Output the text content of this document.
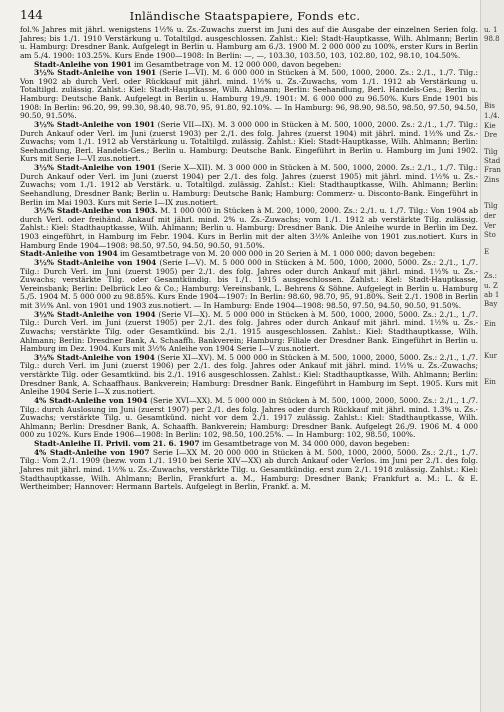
144	Inländische Staatspapiere, Fonds etc.

fol.% Jahres mit jährl. wenigstens 1½% u. Zs.-Zuwachs zuerst im Juni des auf die Ausgabe der einzelnen Serien folg. Jahres; bis 1./1. 1910 Verstärkung u. Totaltilgd. ausgeschlossen. Zahlst.: Kiel: Stadt-Hauptkasse, Wilh. Ahlmann; Berlin u. Hamburg: Dresdner Bank. Aufgelegt in Berlin u. Hamburg am 6./3. 1900 M. 2 000 000 zu 100%, erster Kurs in Berlin am 5./4. 1900: 103.25%. Kurs Ende 1900—1908: In Berlin: —, —, 103.30, 103.50, 103, 102.80, 102, 98.10, 104.50%.

Stadt-Anleihe von 1901 im Gesamtbetrage von M. 12 000 000, davon begeben:

3½% Stadt-Anleihe von 1901 (Serie I—VI). M. 6 000 000 in Stücken à M. 500, 1000, 2000. Zs.: 2./1., 1./7. Tilg.: Von 1902 ab durch Verl. oder Rückkauf mit jährl. mind. 1½% u. Zs.-Zuwachs, vom 1./1. 1912 ab Verstärkung u. Totaltilgd. zulässig. Zahlst.: Kiel: Stadt-Hauptkasse, Wilh. Ahlmann; Berlin: Seehandlung, Berl. Handels-Ges.; Berlin u. Hamburg: Deutsche Bank. Aufgelegt in Berlin u. Hamburg 19./9. 1901: M. 6 000 000 zu 96.50%. Kurs Ende 1901 bis 1908: In Berlin: 96.20, 99, 99.30, 98.40, 98.70, 95, 91.80, 92.10%. — In Hamburg: 96, 98.90, 98.50, 98.50, 97.50, 94.50, 90.50, 91.50%.

3½% Stadt-Anleihe von 1901 (Serie VII—IX). M. 3 000 000 in Stücken à M. 500, 1000, 2000. Zs.: 2./1., 1./7. Tilg.: Durch Ankauf oder Verl. im Juni (zuerst 1903) per 2./1. des folg. Jahres (zuerst 1904) mit jährl. mind. 1½% und Zs.-Zuwachs; vom 1./1. 1912 ab Verstärkung u. Totaltilgd. zulässig. Zahlst.: Kiel: Stadt-Hauptkasse, Wilh. Ahlmann; Berlin: Seehandlung, Berl. Handels-Ges.; Berlin u. Hamburg: Deutsche Bank. Eingeführt in Berlin u. Hamburg im Juni 1902. Kurs mit Serie I—VI zus.notiert.

3½% Stadt-Anleihe von 1901 (Serie X—XII). M. 3 000 000 in Stücken à M. 500, 1000, 2000. Zs.: 2./1., 1./7. Tilg.: Durch Ankauf oder Verl. im Juni (zuerst 1904) per 2./1. des folg. Jahres (zuerst 1905) mit jährl. mind. 1½% u. Zs.-Zuwachs; vom 1./1. 1912 ab Verstärk. u. Totaltilgd. zulässig. Zahlst.: Kiel: Stadthauptkasse, Wilh. Ahlmann; Berlin: Seehandlung, Dresdner Bank; Berlin u. Hamburg: Deutsche Bank; Hamburg: Commerz- u. Disconto-Bank. Eingeführt in Berlin im Mai 1903. Kurs mit Serie I—IX zus.notiert.

3½% Stadt-Anleihe von 1903. M. 1 000 000 in Stücken à M. 200, 1000, 2000. Zs.: 2./1. u. 1./7. Tilg.: Von 1904 ab durch Verl. oder freihänd. Ankauf mit jährl. mind. 2% u. Zs.-Zuwachs; vom 1./1. 1912 ab verstärkte Tilg. zulässig. Zahlst.: Kiel: Stadthauptkasse, Wilh. Ahlmann; Berlin u. Hamburg: Dresdner Bank. Die Anleihe wurde in Berlin im Dez. 1903 eingeführt, in Hamburg im Febr. 1904. Kurs in Berlin mit der alten 3½% Anleihe von 1901 zus.notiert. Kurs in Hamburg Ende 1904—1908: 98.50, 97.50, 94.50, 90.50, 91.50%.

Stadt-Anleihe von 1904 im Gesamtbetrage von M. 20 000 000 in 20 Serien à M. 1 000 000; davon begeben:

3½% Stadt-Anleihe von 1904 (Serie I—V). M. 5 000 000 in Stücken à M. 500, 1000, 2000, 5000. Zs.: 2./1., 1./7. Tilg.: Durch Verl. im Juni (zuerst 1905) per 2./1. des folg. Jahres oder durch Ankauf mit jährl. mind. 1½% u. Zs.-Zuwachs; verstärkte Tilg. oder Gesamtkündig. bis 1./1. 1915 ausgeschlossen. Zahlst.: Kiel: Stadt-Hauptkasse, Vereinsbank; Berlin: Delbrück Leo & Co.; Hamburg: Vereinsbank, L. Behrens & Söhne. Aufgelegt in Berlin u. Hamburg 5./5. 1904 M. 5 000 000 zu 98.85%. Kurs Ende 1904—1907: In Berlin: 98.60, 98.70, 95, 91.80%. Seit 2./1. 1908 in Berlin mit 3½% Anl. von 1901 und 1903 zus.notiert. — In Hamburg: Ende 1904—1908: 98.50, 97.50, 94.50, 90.50, 91.50%.

3½% Stadt-Anleihe von 1904 (Serie VI—X). M. 5 000 000 in Stücken à M. 500, 1000, 2000, 5000. Zs.: 2./1., 1./7. Tilg.: Durch Verl. im Juni (zuerst 1905) per 2./1. des folg. Jahres oder durch Ankauf mit jährl. mind. 1½% u. Zs.-Zuwachs; verstärkte Tilg. oder Gesamtkünd. bis 2./1. 1915 ausgeschlossen. Zahlst.: Kiel: Stadthauptkasse, Wilh. Ahlmann; Berlin: Dresdner Bank, A. Schaaffh. Bankverein; Hamburg: Filiale der Dresdner Bank. Eingeführt in Berlin u. Hamburg im Dez. 1904. Kurs mit 3½% Anleihe von 1904 Serie I—V zus.notiert.

3½% Stadt-Anleihe von 1904 (Serie XI—XV). M. 5 000 000 in Stücken à M. 500, 1000, 2000, 5000. Zs.: 2./1., 1./7. Tilg.: durch Verl. im Juni (zuerst 1906) per 2./1. des folg. Jahres oder Ankauf mit jährl. mind. 1½% u. Zs.-Zuwachs; verstärkte Tilg. oder Gesamtkünd. bis 2./1. 1916 ausgeschlossen. Zahlst.: Kiel: Stadthauptkasse, Wilh. Ahlmann; Berlin: Dresdner Bank, A. Schaaffhaus. Bankverein; Hamburg: Dresdner Bank. Eingeführt in Hamburg im Sept. 1905. Kurs mit Anleihe 1904 Serie I—X zus.notiert.

4% Stadt-Anleihe von 1904 (Serie XVI—XX). M. 5 000 000 in Stücken à M. 500, 1000, 2000, 5000. Zs.: 2./1., 1./7. Tilg.: durch Auslosung im Juni (zuerst 1907) per 2./1. des folg. Jahres oder durch Rückkauf mit jährl. mind. 1.3% u. Zs.-Zuwachs; verstärkte Tilg. u. Gesamtkünd. nicht vor dem 2./1. 1917 zulässig. Zahlst.: Kiel: Stadthauptkasse, Wilh. Ahlmann; Berlin: Dresdner Bank, A. Schaaffh. Bankverein; Hamburg: Dresdner Bank. Aufgelegt 26./9. 1906 M. 4 000 000 zu 102%. Kurs Ende 1906—1908: In Berlin: 102, 98.50, 100.25%. — In Hamburg: 102, 98.50, 100%.

Stadt-Anleihe II. Privil. vom 21. 6. 1907 im Gesamtbetrage von M. 34 000 000, davon begeben:

4% Stadt-Anleihe von 1907 Serie I—XX M. 20 000 000 in Stücken à M. 500, 1000, 2000, 5000. Zs.: 2./1., 1./7. Tilg.: Vom 2./1. 1909 (bezw. vom 1./1. 1910 bei Serie XIV—XX) ab durch Ankauf oder Verlos. im Juni per 2./1. des folg. Jahres mit jährl. mind. 1½% u. Zs.-Zuwachs, verstärkte Tilg. u. Gesamtkündig. erst zum 2./1. 1918 zulässig. Zahlst.: Kiel: Stadthauptkasse, Wilh. Ahlmann; Berlin, Frankfurt a. M., Hamburg: Dresdner Bank; Frankfurt a. M.: L. & E. Wertheimber; Hannover: Hermann Bartels. Aufgelegt in Berlin, Frankf. a. M.

u. 1
98.8
Bis
1./4.
Kie
Dre
Tilg
Stad
Fran
Zins
Tilg
der
Ver
Sto
E
Zs.:
u. Z
ab 1
Bay
Ein
Kur
Ein
